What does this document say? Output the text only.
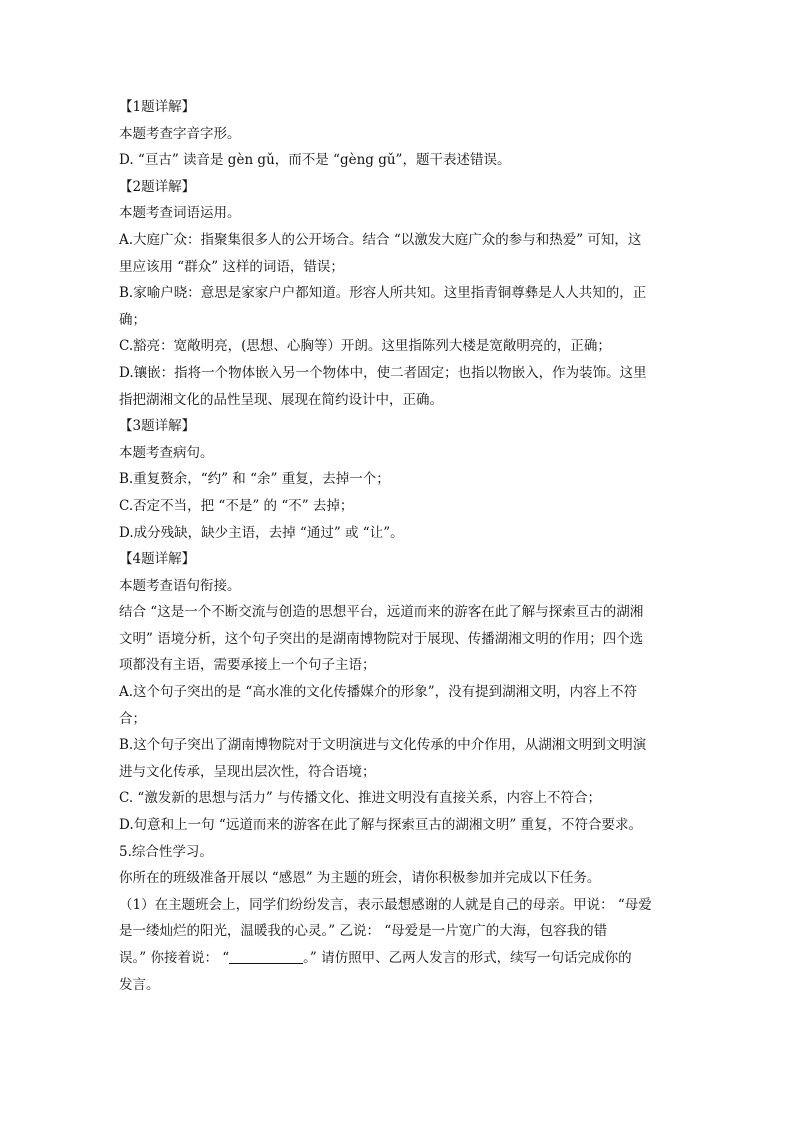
【1题详解】
本题考查字音字形。
D. “亘古” 读音是 gèn gǔ，而不是 “gèng gǔ”，题干表述错误。
【2题详解】
本题考查词语运用。
A.大庭广众：指聚集很多人的公开场合。结合 “以激发大庭广众的参与和热爱” 可知，这
里应该用 “群众” 这样的词语，错误；
B.家喻户晓：意思是家家户户都知道。形容人所共知。这里指青铜尊彝是人人共知的，正
确；
C.豁亮：宽敞明亮，(思想、心胸等）开朗。这里指陈列大楼是宽敞明亮的，正确；
D.镶嵌：指将一个物体嵌入另一个物体中，使二者固定；也指以物嵌入，作为装饰。这里
指把湖湘文化的品性呈现、展现在简约设计中，正确。
【3题详解】
本题考查病句。
B.重复赘余，“约” 和 “余” 重复，去掉一个；
C.否定不当，把 “不是” 的 “不” 去掉；
D.成分残缺，缺少主语，去掉 “通过” 或 “让”。
【4题详解】
本题考查语句衔接。
结合 “这是一个不断交流与创造的思想平台，远道而来的游客在此了解与探索亘古的湖湘
文明” 语境分析，这个句子突出的是湖南博物院对于展现、传播湖湘文明的作用；四个选
项都没有主语，需要承接上一个句子主语；
A.这个句子突出的是 “高水准的文化传播媒介的形象”，没有提到湖湘文明，内容上不符
合；
B.这个句子突出了湖南博物院对于文明演进与文化传承的中介作用，从湖湘文明到文明演
进与文化传承，呈现出层次性，符合语境；
C. “激发新的思想与活力” 与传播文化、推进文明没有直接关系，内容上不符合；
D.句意和上一句 “远道而来的游客在此了解与探索亘古的湖湘文明” 重复，不符合要求。
5.综合性学习。
你所在的班级准备开展以 “感恩” 为主题的班会，请你积极参加并完成以下任务。
（1）在主题班会上，同学们纷纷发言，表示最想感谢的人就是自己的母亲。甲说： “母爱
是一缕灿烂的阳光，温暖我的心灵。” 乙说： “母爱是一片宽广的大海，包容我的错
误。” 你接着说： “	。” 请仿照甲、乙两人发言的形式，续写一句话完成你的
发言。
